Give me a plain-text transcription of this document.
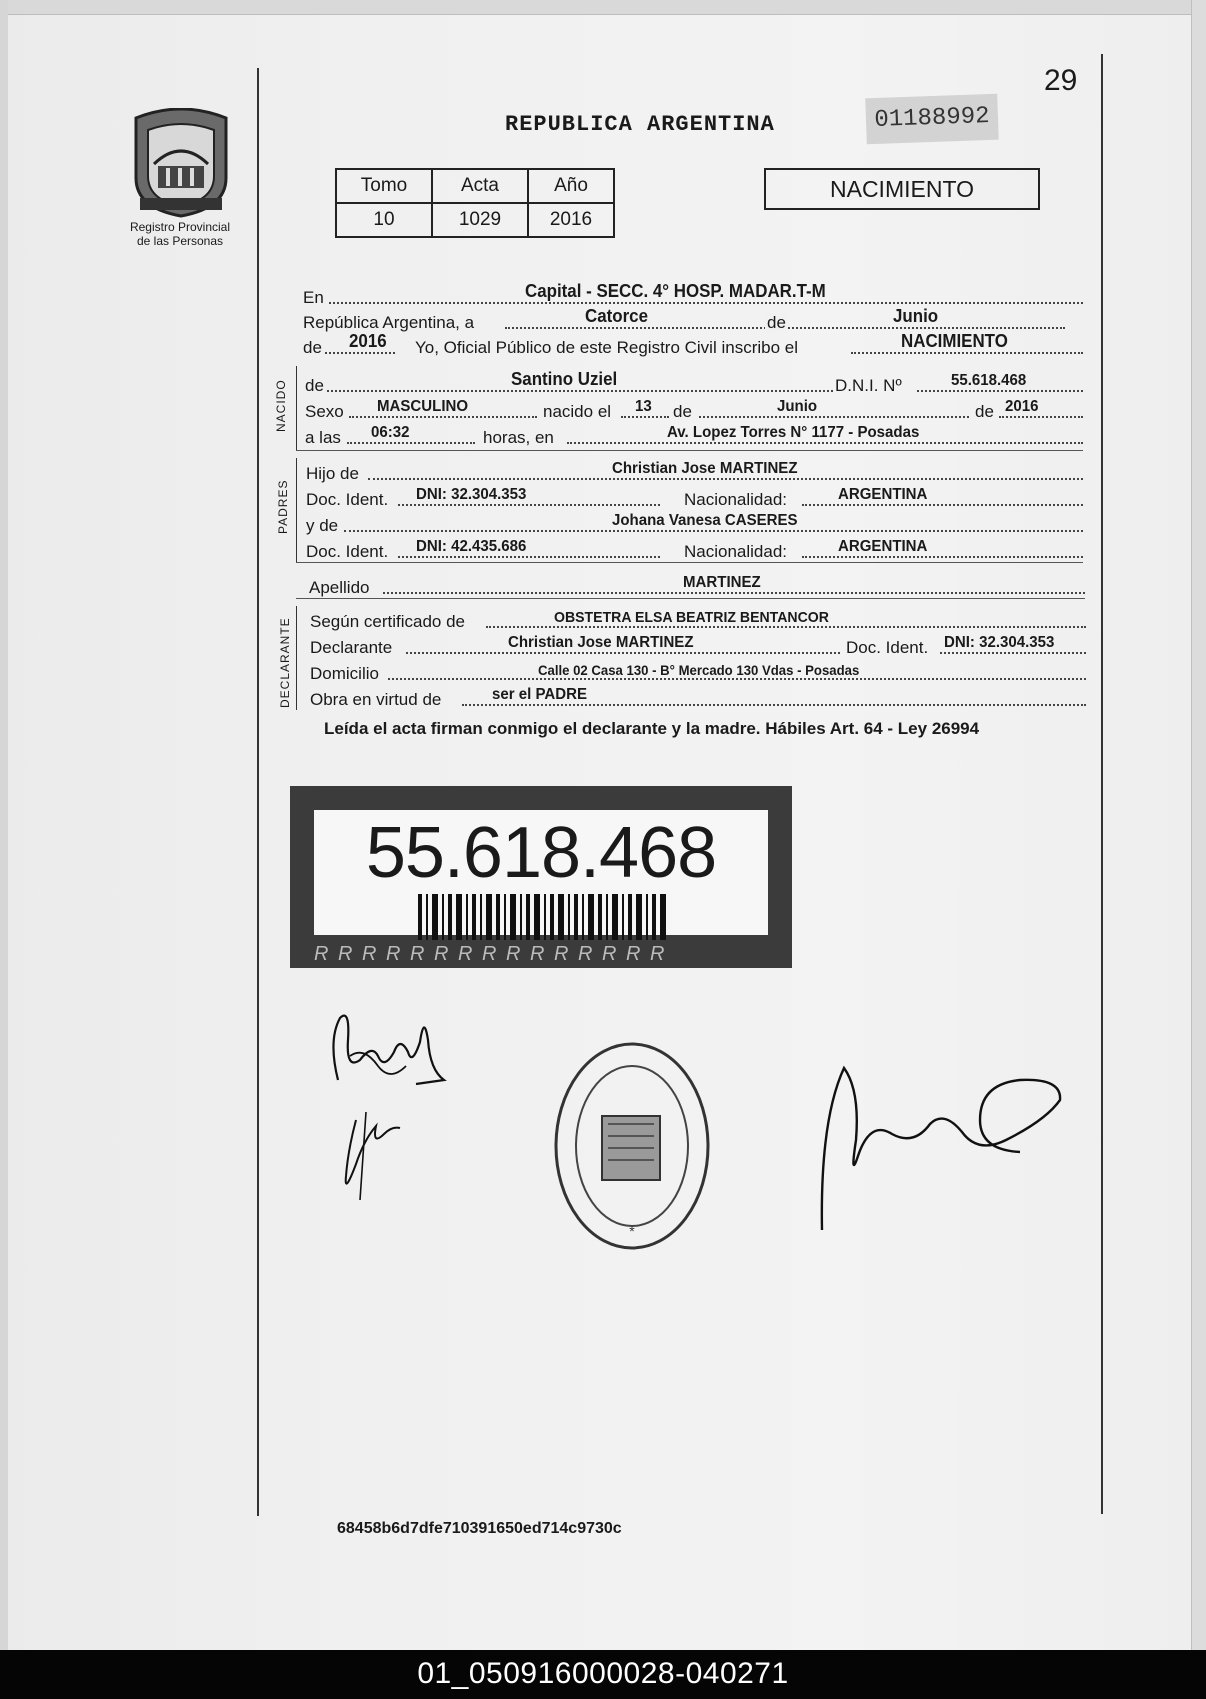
29
REPUBLICA ARGENTINA	01188992
Registro Provincial
de las Personas
Tomo	Acta	Año
10	1029	2016
NACIMIENTO
En	Capital - SECC. 4° HOSP. MADAR.T-M
República Argentina, a	Catorce	de	Junio
de 2016 Yo, Oficial Público de este Registro Civil inscribo el	NACIMIENTO
NACIDO de	Santino Uziel	D.N.I. Nº	55.618.468
Sexo MASCULINO	nacido el 13 de	Junio	de 2016
a las 06:32	horas, en	Av. Lopez Torres N° 1177 - Posadas
PADRES
Hijo de	Christian Jose MARTINEZ
Doc. Ident. DNI: 32.304.353	Nacionalidad:	ARGENTINA
y de	Johana Vanesa CASERES
Doc. Ident. DNI: 42.435.686	Nacionalidad:	ARGENTINA
Apellido	MARTINEZ
DECLARANTE Según certificado de	OBSTETRA ELSA BEATRIZ BENTANCOR
Declarante	Christian Jose MARTINEZ	Doc. Ident. DNI: 32.304.353
Domicilio	Calle 02 Casa 130 - B° Mercado 130 Vdas - Posadas
Obra en virtud de	ser el PADRE
Leída el acta firman conmigo el declarante y la madre. Hábiles Art. 64 - Ley 26994
R R R R R R R R R R R R R R R
55.618.468
*
68458b6d7dfe710391650ed714c9730c
01_050916000028-040271
